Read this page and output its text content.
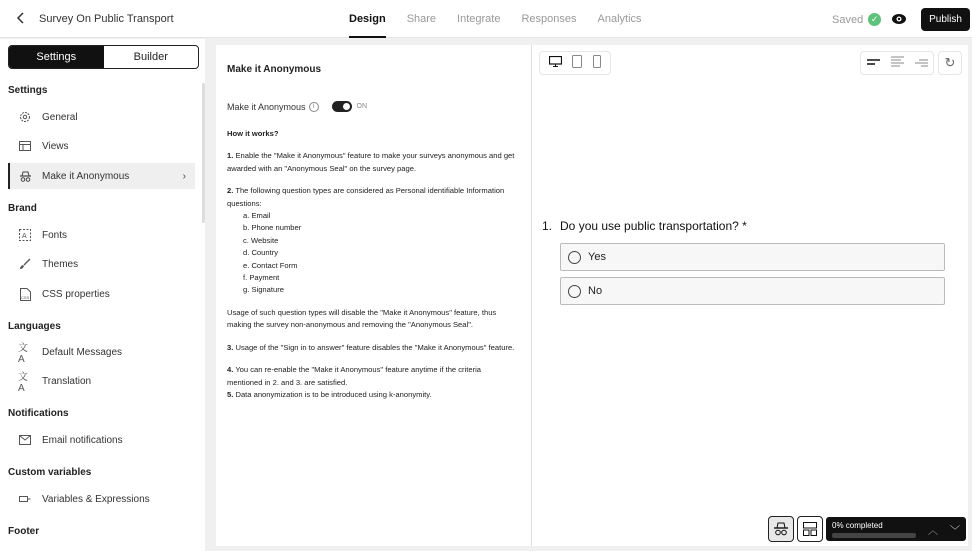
Survey On Public Transport	Design Share Integrate Responses Analytics	Saved ✓	Publish
Settings	Builder
Settings
General
Views
Make it Anonymous	›
Brand
A Fonts
Themes
CSS CSS properties
Languages
文A
Default Messages
文A
Translation
Notifications
Email notifications
Custom variables
Variables & Expressions
Footer
Make it Anonymous
Make it Anonymous	i	ON
How it works?

1. Enable the "Make it Anonymous" feature to make your surveys anonymous and get awarded with an "Anonymous Seal" on the survey page.

2. The following question types are considered as Personal identifiable Information questions:
a. Email
b. Phone number
c. Website
d. Country
e. Contact Form
f. Payment
g. Signature

Usage of such question types will disable the "Make it Anonymous" feature, thus making the survey non-anonymous and removing the "Anonymous Seal".

3. Usage of the "Sign in to answer" feature disables the "Make it Anonymous" feature.

4. You can re-enable the "Make it Anonymous" feature anytime if the criteria mentioned in 2. and 3. are satisfied.
5. Data anonymization is to be introduced using k-anonymity.
↻
1. Do you use public transportation? *
Yes
No
0% completed	︿	﹀
